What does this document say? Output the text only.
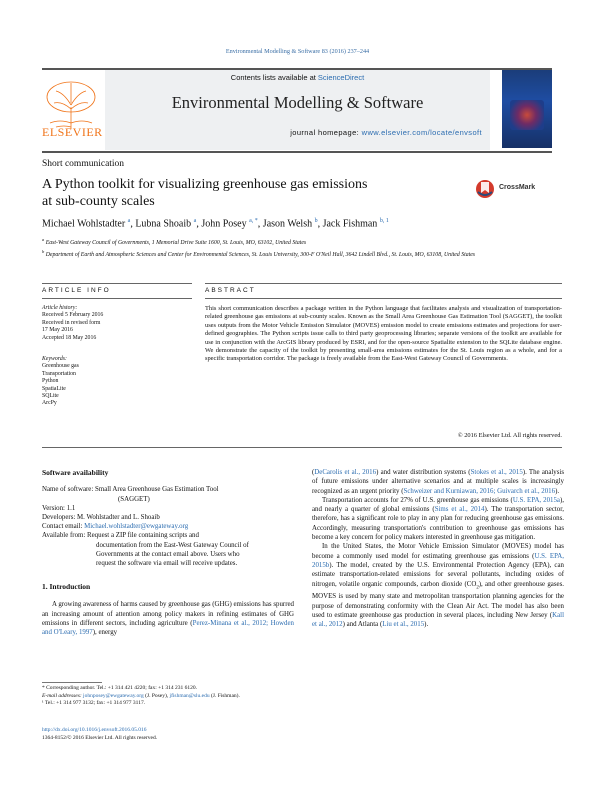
Environmental Modelling & Software 83 (2016) 237–244
ELSEVIER
Contents lists available at ScienceDirect
Environmental Modelling & Software
journal homepage: www.elsevier.com/locate/envsoft
Short communication
A Python toolkit for visualizing greenhouse gas emissions
at sub-county scales
CrossMark
Michael Wohlstadter $^a$, Lubna Shoaib $^a$, John Posey $^{a, *}$, Jason Welsh $^b$, Jack Fishman $^{b, 1}$
$^a$ East-West Gateway Council of Governments, 1 Memorial Drive Suite 1600, St. Louis, MO, 63102, United States
$^b$ Department of Earth and Atmospheric Sciences and Center for Environmental Sciences, St. Louis University, 300-F O'Neil Hall, 3642 Lindell Blvd., St. Louis, MO, 63108, United States
ARTICLE INFO	ABSTRACT
Article history:
Received 5 February 2016
Received in revised form
17 May 2016
Accepted 18 May 2016
Keywords:
Greenhouse gas
Transportation
Python
SpatiaLite
SQLite
ArcPy
This short communication describes a package written in the Python language that facilitates analysis and visualization of transportation-related greenhouse gas emissions at sub-county scales. Known as the Small Area Greenhouse Gas Estimation Tool (SAGGET), the toolkit uses outputs from the Motor Vehicle Emission Simulator (MOVES) emission model to create emissions estimates and projections for user-defined geographies. The Python scripts issue calls to third party geoprocessing libraries; separate versions of the toolkit are available for use in conjunction with the ArcGIS library produced by ESRI, and for the open-source Spatialite extension to the SQLite database engine. We demonstrate the capacity of the toolkit by presenting small-area emissions estimates for the St. Louis region as a whole, and for a specific transportation corridor. The package is freely available from the East-West Gateway Council of Governments.
© 2016 Elsevier Ltd. All rights reserved.
Software availability
Name of software: Small Area Greenhouse Gas Estimation Tool
(SAGGET)
Version: 1.1
Developers: M. Wohlstadter and L. Shoaib
Contact email: Michael.wohlstadter@ewgateway.org
Available from: Request a ZIP file containing scripts and
documentation from the East-West Gateway Council of
Governments at the contact email above. Users who
request the software via email will receive updates.
1. Introduction
A growing awareness of harms caused by greenhouse gas (GHG) emissions has spurred an increasing amount of attention among policy makers in refining estimates of GHG emissions in different sectors, including agriculture (Perez-Minana et al., 2012; Howden and O'Leary, 1997), energy
(DeCarolis et al., 2016) and water distribution systems (Stokes et al., 2015). The analysis of future emissions under alternative scenarios and at multiple scales is increasingly recognized as an urgent priority (Schweizer and Kurniawan, 2016; Guivarch et al., 2016).
Transportation accounts for 27% of U.S. greenhouse gas emissions (U.S. EPA, 2015a), and nearly a quarter of global emissions (Sims et al., 2014). The transportation sector, therefore, has a significant role to play in any plan for reducing greenhouse gas emissions. Accordingly, measuring transportation's contribution to greenhouse gas emissions has become a key concern for policy makers interested in greenhouse gas mitigation.
In the United States, the Motor Vehicle Emission Simulator (MOVES) model has become a commonly used model for estimating greenhouse gas emissions (U.S. EPA, 2015b). The model, created by the U.S. Environmental Protection Agency (EPA), can estimate transportation-related emissions for several pollutants, including oxides of nitrogen, volatile organic compounds, carbon dioxide $(CO_2)$, and other greenhouse gases. MOVES is used by many state and metropolitan transportation planning agencies for the purpose of demonstrating conformity with the Clean Air Act. The model has also been used to estimate greenhouse gas production in several places, including New Jersey (Kall et al., 2012) and Atlanta (Liu et al., 2015).
* Corresponding author. Tel.: +1 314 421 4220; fax: +1 314 231 6120.
E-mail addresses: johnposey@ewgateway.org (J. Posey), jfishman@slu.edu (J. Fishman).
¹ Tel.: +1 314 977 3132; fax: +1 314 977 3117.
http://dx.doi.org/10.1016/j.envsoft.2016.05.016
1364-8152/© 2016 Elsevier Ltd. All rights reserved.
